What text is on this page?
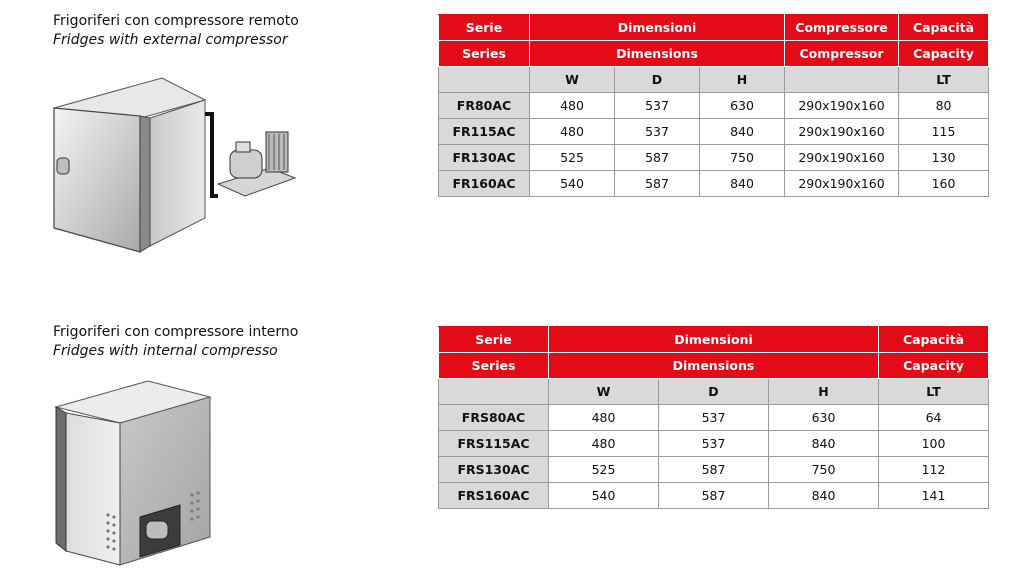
Frigoriferi con compressore remoto
Fridges with external compressor
Serie	Dimensioni			Compressore	Capacità
Series	Dimensions			Compressor	Capacity
	W	D	H		LT
FR80AC	480	537	630	290x190x160	80
FR115AC	480	537	840	290x190x160	115
FR130AC	525	587	750	290x190x160	130
FR160AC	540	587	840	290x190x160	160
Frigoriferi con compressore interno
Fridges with internal compresso
Serie	Dimensioni			Capacità
Series	Dimensions			Capacity
	W	D	H	LT
FRS80AC	480	537	630	64
FRS115AC	480	537	840	100
FRS130AC	525	587	750	112
FRS160AC	540	587	840	141
